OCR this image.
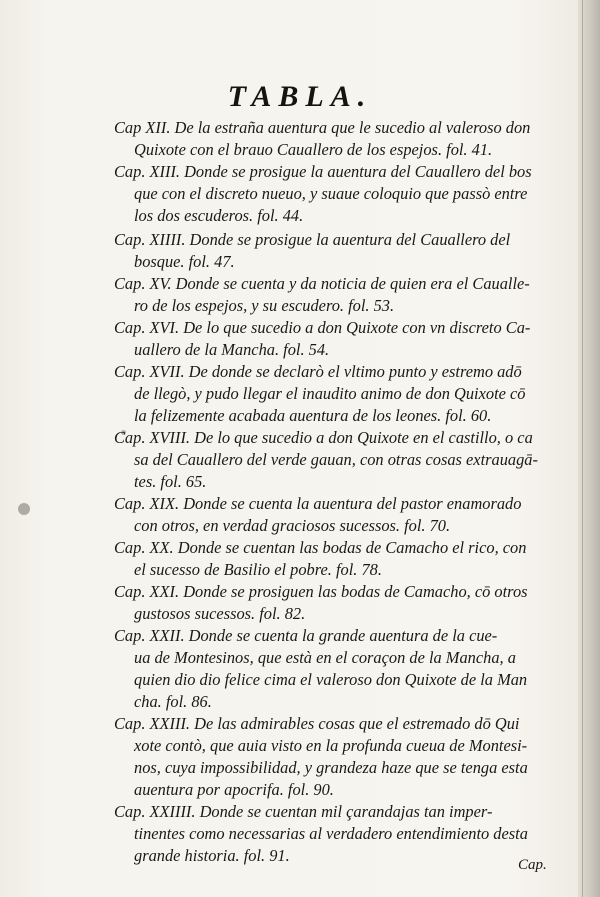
TABLA.

Cap XII. De la estraña auentura que le sucedio al valeroso don

Quixote con el brauo Cauallero de los espejos. fol. 41.

Cap. XIII. Donde se prosigue la auentura del Cauallero del bos

que con el discreto nueuo, y suaue coloquio que passò entre

los dos escuderos. fol. 44.

Cap. XIIII. Donde se prosigue la auentura del Cauallero del

bosque. fol. 47.

Cap. XV. Donde se cuenta y da noticia de quien era el Caualle-

ro de los espejos, y su escudero. fol. 53.

Cap. XVI. De lo que sucedio a don Quixote con vn discreto Ca-

uallero de la Mancha. fol. 54.

Cap. XVII. De donde se declarò el vltimo punto y estremo adō

de llegò, y pudo llegar el inaudito animo de don Quixote cō

la felizemente acabada auentura de los leones. fol. 60.

Cap. XVIII. De lo que sucedio a don Quixote en el castillo, o ca

sa del Cauallero del verde gauan, con otras cosas extrauagā-

tes. fol. 65.

Cap. XIX. Donde se cuenta la auentura del pastor enamorado

con otros, en verdad graciosos sucessos. fol. 70.

Cap. XX. Donde se cuentan las bodas de Camacho el rico, con

el sucesso de Basilio el pobre. fol. 78.

Cap. XXI. Donde se prosiguen las bodas de Camacho, cō otros

gustosos sucessos. fol. 82.

Cap. XXII. Donde se cuenta la grande auentura de la cue-

ua de Montesinos, que està en el coraçon de la Mancha, a

quien dio dio felice cima el valeroso don Quixote de la Man

cha. fol. 86.

Cap. XXIII. De las admirables cosas que el estremado dō Qui

xote contò, que auia visto en la profunda cueua de Montesi-

nos, cuya impossibilidad, y grandeza haze que se tenga esta

auentura por apocrifa. fol. 90.

Cap. XXIIII. Donde se cuentan mil çarandajas tan imper-

tinentes como necessarias al verdadero entendimiento desta

grande historia. fol. 91.	Cap.
